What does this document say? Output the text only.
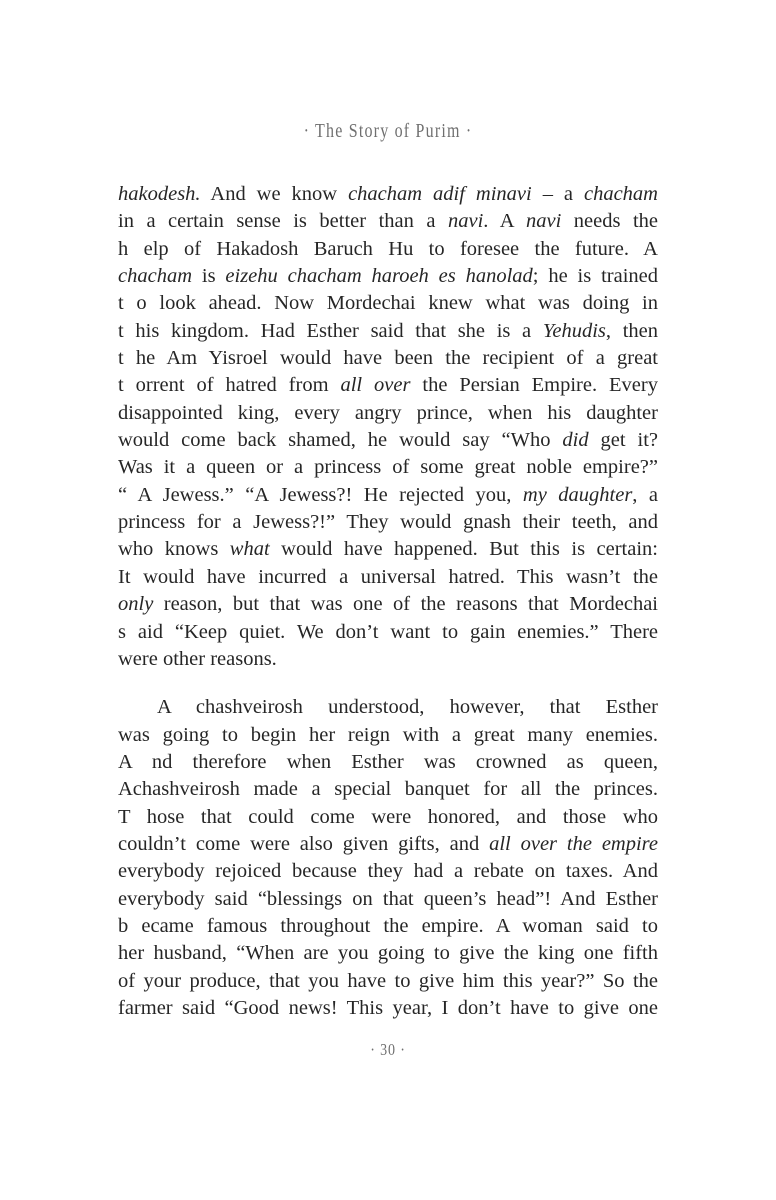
· The Story of Purim ·
hakodesh. And we know chacham adif minavi – a chacham
in a certain sense is better than a navi. A navi needs the
h elp of Hakadosh Baruch Hu to foresee the future. A
chacham is eizehu chacham haroeh es hanolad; he is trained
t o look ahead. Now Mordechai knew what was doing in
t his kingdom. Had Esther said that she is a Yehudis, then
t he Am Yisroel would have been the recipient of a great
t orrent of hatred from all over the Persian Empire. Every
disappointed king, every angry prince, when his daughter
would come back shamed, he would say “Who did get it?
Was it a queen or a princess of some great noble empire?”
“ A Jewess.” “A Jewess?! He rejected you, my daughter, a
princess for a Jewess?!” They would gnash their teeth, and
who knows what would have happened. But this is certain:
It would have incurred a universal hatred. This wasn’t the
only reason, but that was one of the reasons that Mordechai
s aid “Keep quiet. We don’t want to gain enemies.” There
were other reasons.
A chashveirosh understood, however, that Esther
was going to begin her reign with a great many enemies.
A nd therefore when Esther was crowned as queen,
Achashveirosh made a special banquet for all the princes.
T hose that could come were honored, and those who
couldn’t come were also given gifts, and all over the empire
everybody rejoiced because they had a rebate on taxes. And
everybody said “blessings on that queen’s head”! And Esther
b ecame famous throughout the empire. A woman said to
her husband, “When are you going to give the king one fifth
of your produce, that you have to give him this year?” So the
farmer said “Good news! This year, I don’t have to give one
· 30 ·
